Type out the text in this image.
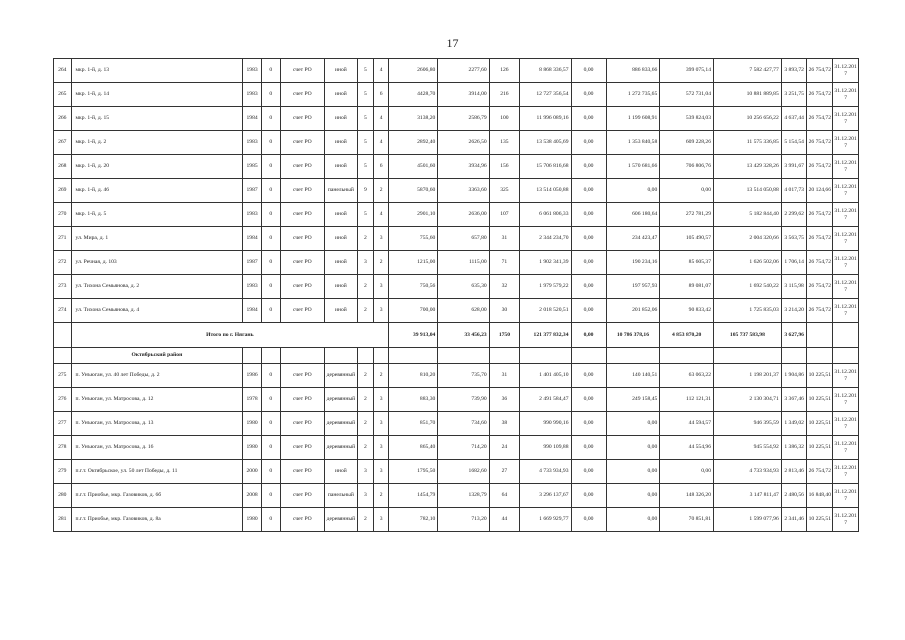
17
264	мкр. 1-й, д. 13	1983	0	счет РО	иной	5	4	2606,80	2277,60	126	8 868 336,57	0,00	886 833,66	399 075,14	7 582 427,77	3 893,72	26 754,72	31.12.2017
265	мкр. 1-й, д. 14	1983	0	счет РО	иной	5	6	4428,70	3914,00	216	12 727 356,54	0,00	1 272 735,65	572 731,04	10 881 889,85	3 251,75	26 754,72	31.12.2017
266	мкр. 1-й, д. 15	1984	0	счет РО	иной	5	4	3138,20	2586,79	100	11 996 089,16	0,00	1 199 608,91	539 824,03	10 256 656,22	4 637,44	26 754,72	31.12.2017
267	мкр. 1-й, д. 2	1983	0	счет РО	иной	5	4	2892,40	2626,50	135	13 538 405,69	0,00	1 353 840,58	609 228,26	11 575 336,85	5 154,54	26 754,72	31.12.2017
268	мкр. 1-й, д. 20	1985	0	счет РО	иной	5	6	4501,60	3934,96	156	15 706 816,68	0,00	1 570 681,66	706 806,76	13 429 328,26	3 991,67	26 754,72	31.12.2017
269	мкр. 1-й, д. 46	1987	0	счет РО	панельный	9	2	5870,60	3363,60	325	13 514 050,88	0,00	0,00	0,00	13 514 050,88	4 017,73	20 124,66	31.12.2017
270	мкр. 1-й, д. 5	1983	0	счет РО	иной	5	4	2901,10	2636,00	107	6 061 806,33	0,00	606 180,64	272 781,29	5 182 844,40	2 299,62	26 754,72	31.12.2017
271	ул. Мира, д. 1	1984	0	счет РО	иной	2	3	755,60	657,80	31	2 344 234,70	0,00	234 423,47	105 490,57	2 004 320,66	3 563,75	26 754,72	31.12.2017
272	ул. Речная, д. 103	1987	0	счет РО	иной	3	2	1215,00	1115,00	71	1 902 341,39	0,00	190 234,16	85 605,37	1 626 502,06	1 706,14	26 754,72	31.12.2017
273	ул. Тихона Семьянова, д. 2	1983	0	счет РО	иной	2	3	750,56	635,30	32	1 979 579,22	0,00	197 957,93	89 081,07	1 692 540,22	3 115,98	26 754,72	31.12.2017
274	ул. Тихона Семьянова, д. 4	1984	0	счет РО	иной	2	3	700,00	628,00	30	2 018 520,51	0,00	201 852,06	90 833,42	1 725 835,03	3 214,20	26 754,72	31.12.2017
	Итого по г. Нягань							39 913,04	33 456,23	1750	121 377 832,34	0,00	10 786 378,16	4 853 870,20	105 737 583,98	3 627,96		
	Октябрьский район																	
275	п. Унъюган, ул. 40 лет Победы, д. 2	1986	0	счет РО	деревянный	2	2	810,20	735,70	31	1 401 405,10	0,00	140 140,51	63 063,22	1 198 201,37	1 904,86	10 225,51	31.12.2017
276	п. Унъюган, ул. Матросова, д. 12	1978	0	счет РО	деревянный	2	3	883,30	739,90	36	2 491 584,47	0,00	249 158,45	112 121,31	2 130 304,71	3 367,46	10 225,51	31.12.2017
277	п. Унъюган, ул. Матросова, д. 13	1980	0	счет РО	деревянный	2	3	851,70	734,60	38	990 990,16	0,00	0,00	44 594,57	946 395,59	1 349,02	10 225,51	31.12.2017
278	п. Унъюган, ул. Матросова, д. 16	1980	0	счет РО	деревянный	2	3	865,40	714,20	24	990 109,88	0,00	0,00	44 554,96	945 554,92	1 386,32	10 225,51	31.12.2017
279	п.г.т. Октябрьское, ул. 50 лет Победы, д. 11	2000	0	счет РО	иной	3	3	1795,50	1682,60	27	4 733 934,93	0,00	0,00	0,00	4 733 934,93	2 813,46	26 754,72	31.12.2017
280	п.г.т. Приобье, мкр. Газовиков, д. 6б	2008	0	счет РО	панельный	3	2	1454,79	1328,79	64	3 296 137,67	0,00	0,00	148 326,20	3 147 811,47	2 480,56	16 848,40	31.12.2017
281	п.г.т. Приобье, мкр. Газовиков, д. 8а	1980	0	счет РО	деревянный	2	3	782,10	713,20	44	1 669 929,77	0,00	0,00	70 851,81	1 599 077,96	2 341,46	10 225,51	31.12.2017
